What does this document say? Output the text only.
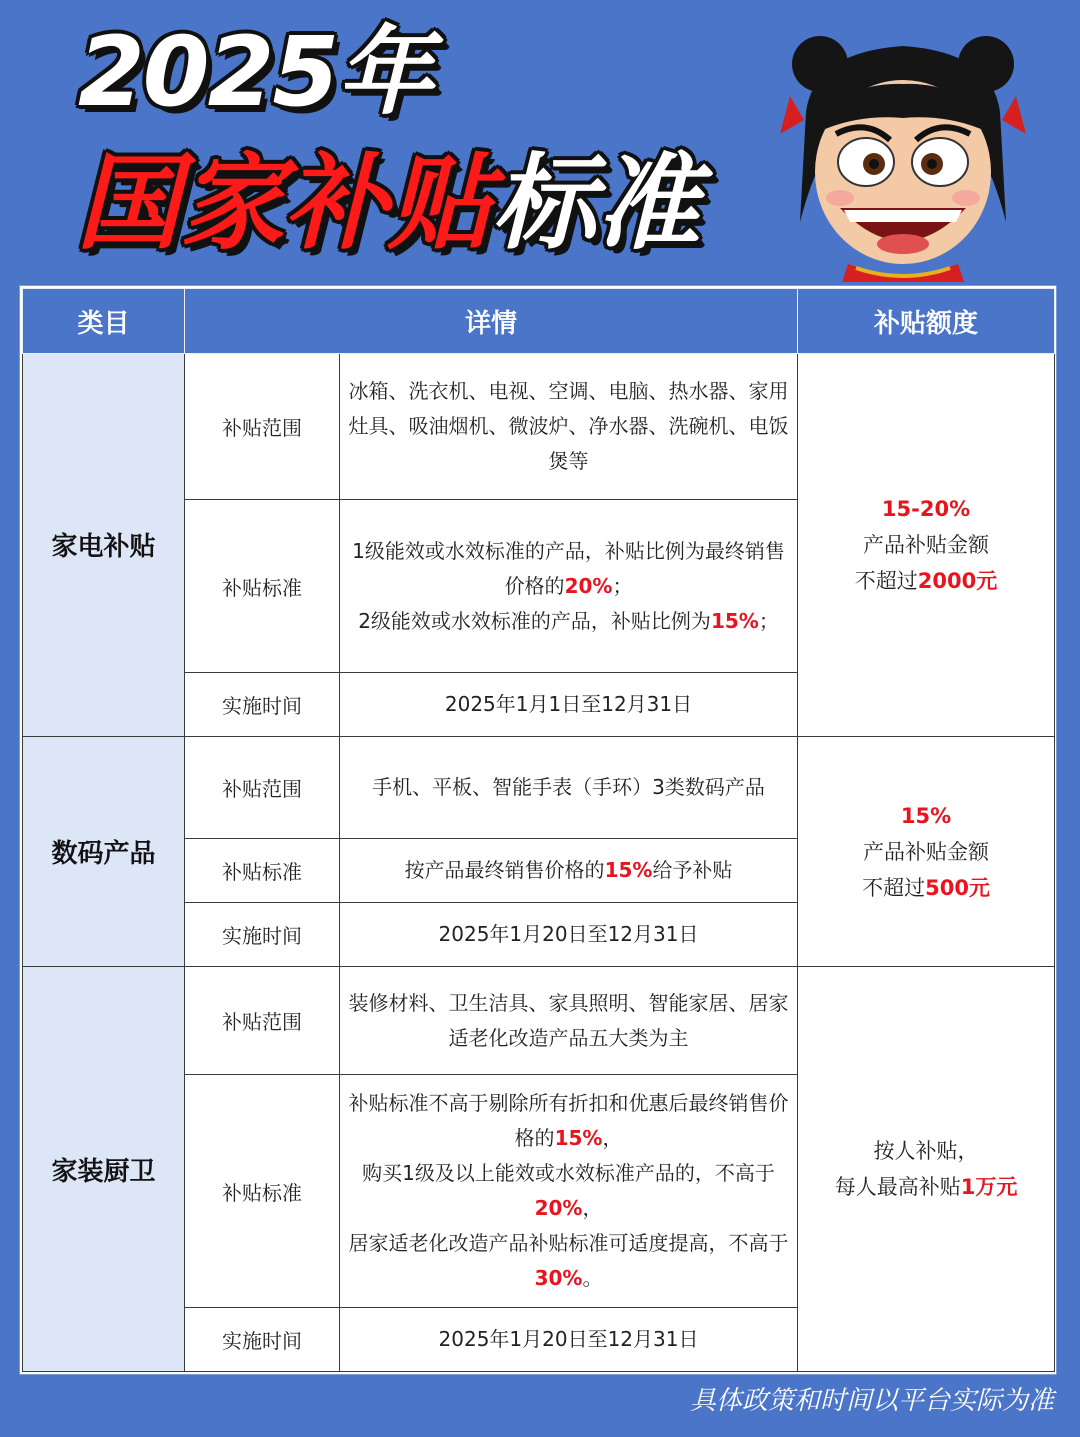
2025年
国家补贴标准
类目	详情		补贴额度
家电补贴	补贴范围	冰箱、洗衣机、电视、空调、电脑、热水器、家用灶具、吸油烟机、微波炉、净水器、洗碗机、电饭煲等	15-20%
产品补贴金额
不超过2000元

	补贴标准	1级能效或水效标准的产品，补贴比例为最终销售价格的20%；
2级能效或水效标准的产品，补贴比例为15%；	

	实施时间	2025年1月1日至12月31日	
数码产品	补贴范围	手机、平板、智能手表（手环）3类数码产品	15%
产品补贴金额
不超过500元

	补贴标准	按产品最终销售价格的15%给予补贴	
	实施时间	2025年1月20日至12月31日	
家装厨卫	补贴范围	装修材料、卫生洁具、家具照明、智能家居、居家适老化改造产品五大类为主	按人补贴，
每人最高补贴1万元

	补贴标准	补贴标准不高于剔除所有折扣和优惠后最终销售价格的15%，
购买1级及以上能效或水效标准产品的，不高于20%，
居家适老化改造产品补贴标准可适度提高，不高于30%。	

	实施时间	2025年1月20日至12月31日	

具体政策和时间以平台实际为准
